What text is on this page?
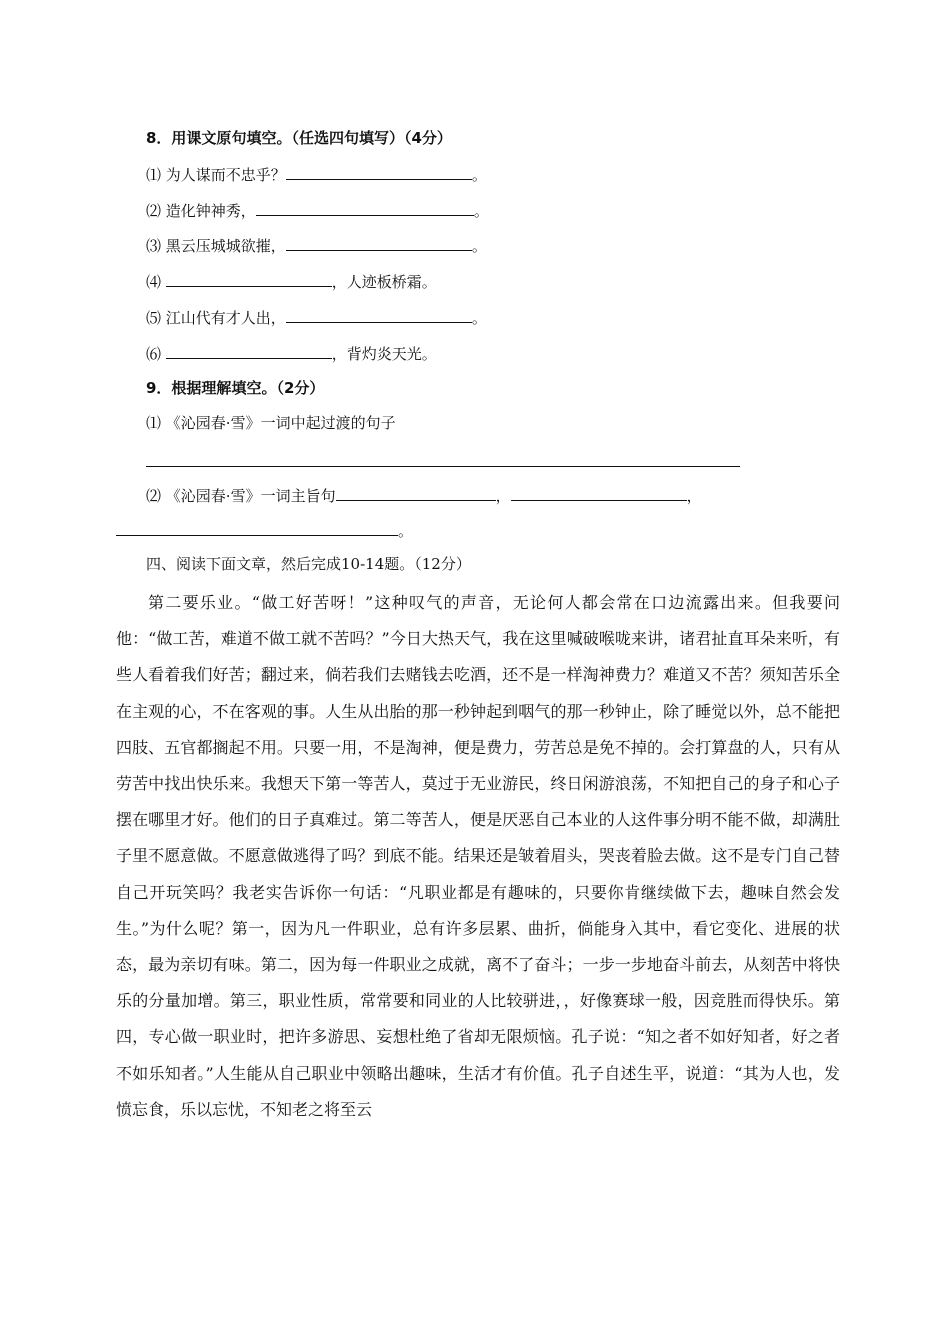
8．用课文原句填空。（任选四句填写）（4分）
⑴ 为人谋而不忠乎？	。
⑵ 造化钟神秀，	。
⑶ 黑云压城城欲摧，	。
⑷	，人迹板桥霜。
⑸ 江山代有才人出，	。
⑹	，背灼炎天光。
9．根据理解填空。（2分）
⑴ 《沁园春·雪》一词中起过渡的句子
⑵ 《沁园春·雪》一词主旨句	，	，
。
四、阅读下面文章，然后完成10-14题。（12分）

第二要乐业。“做工好苦呀！”这种叹气的声音，无论何人都会常在口边流露出来。但我要问他：“做工苦，难道不做工就不苦吗？”今日大热天气，我在这里喊破喉咙来讲，诸君扯直耳朵来听，有些人看着我们好苦；翻过来，倘若我们去赌钱去吃酒，还不是一样淘神费力？难道又不苦？须知苦乐全在主观的心，不在客观的事。人生从出胎的那一秒钟起到咽气的那一秒钟止，除了睡觉以外，总不能把四肢、五官都搁起不用。只要一用，不是淘神，便是费力，劳苦总是免不掉的。会打算盘的人，只有从劳苦中找出快乐来。我想天下第一等苦人，莫过于无业游民，终日闲游浪荡，不知把自己的身子和心子摆在哪里才好。他们的日子真难过。第二等苦人，便是厌恶自己本业的人这件事分明不能不做，却满肚子里不愿意做。不愿意做逃得了吗？到底不能。结果还是皱着眉头，哭丧着脸去做。这不是专门自己替自己开玩笑吗？我老实告诉你一句话：“凡职业都是有趣味的，只要你肯继续做下去，趣味自然会发生。”为什么呢？第一，因为凡一件职业，总有许多层累、曲折，倘能身入其中，看它变化、进展的状态，最为亲切有味。第二，因为每一件职业之成就，离不了奋斗；一步一步地奋斗前去，从刻苦中将快乐的分量加增。第三，职业性质，常常要和同业的人比较骈进，，好像赛球一般，因竞胜而得快乐。第四，专心做一职业时，把许多游思、妄想杜绝了省却无限烦恼。孔子说：“知之者不如好知者，好之者不如乐知者。”人生能从自己职业中领略出趣味，生活才有价值。孔子自述生平，说道：“其为人也，发愤忘食，乐以忘忧，不知老之将至云
